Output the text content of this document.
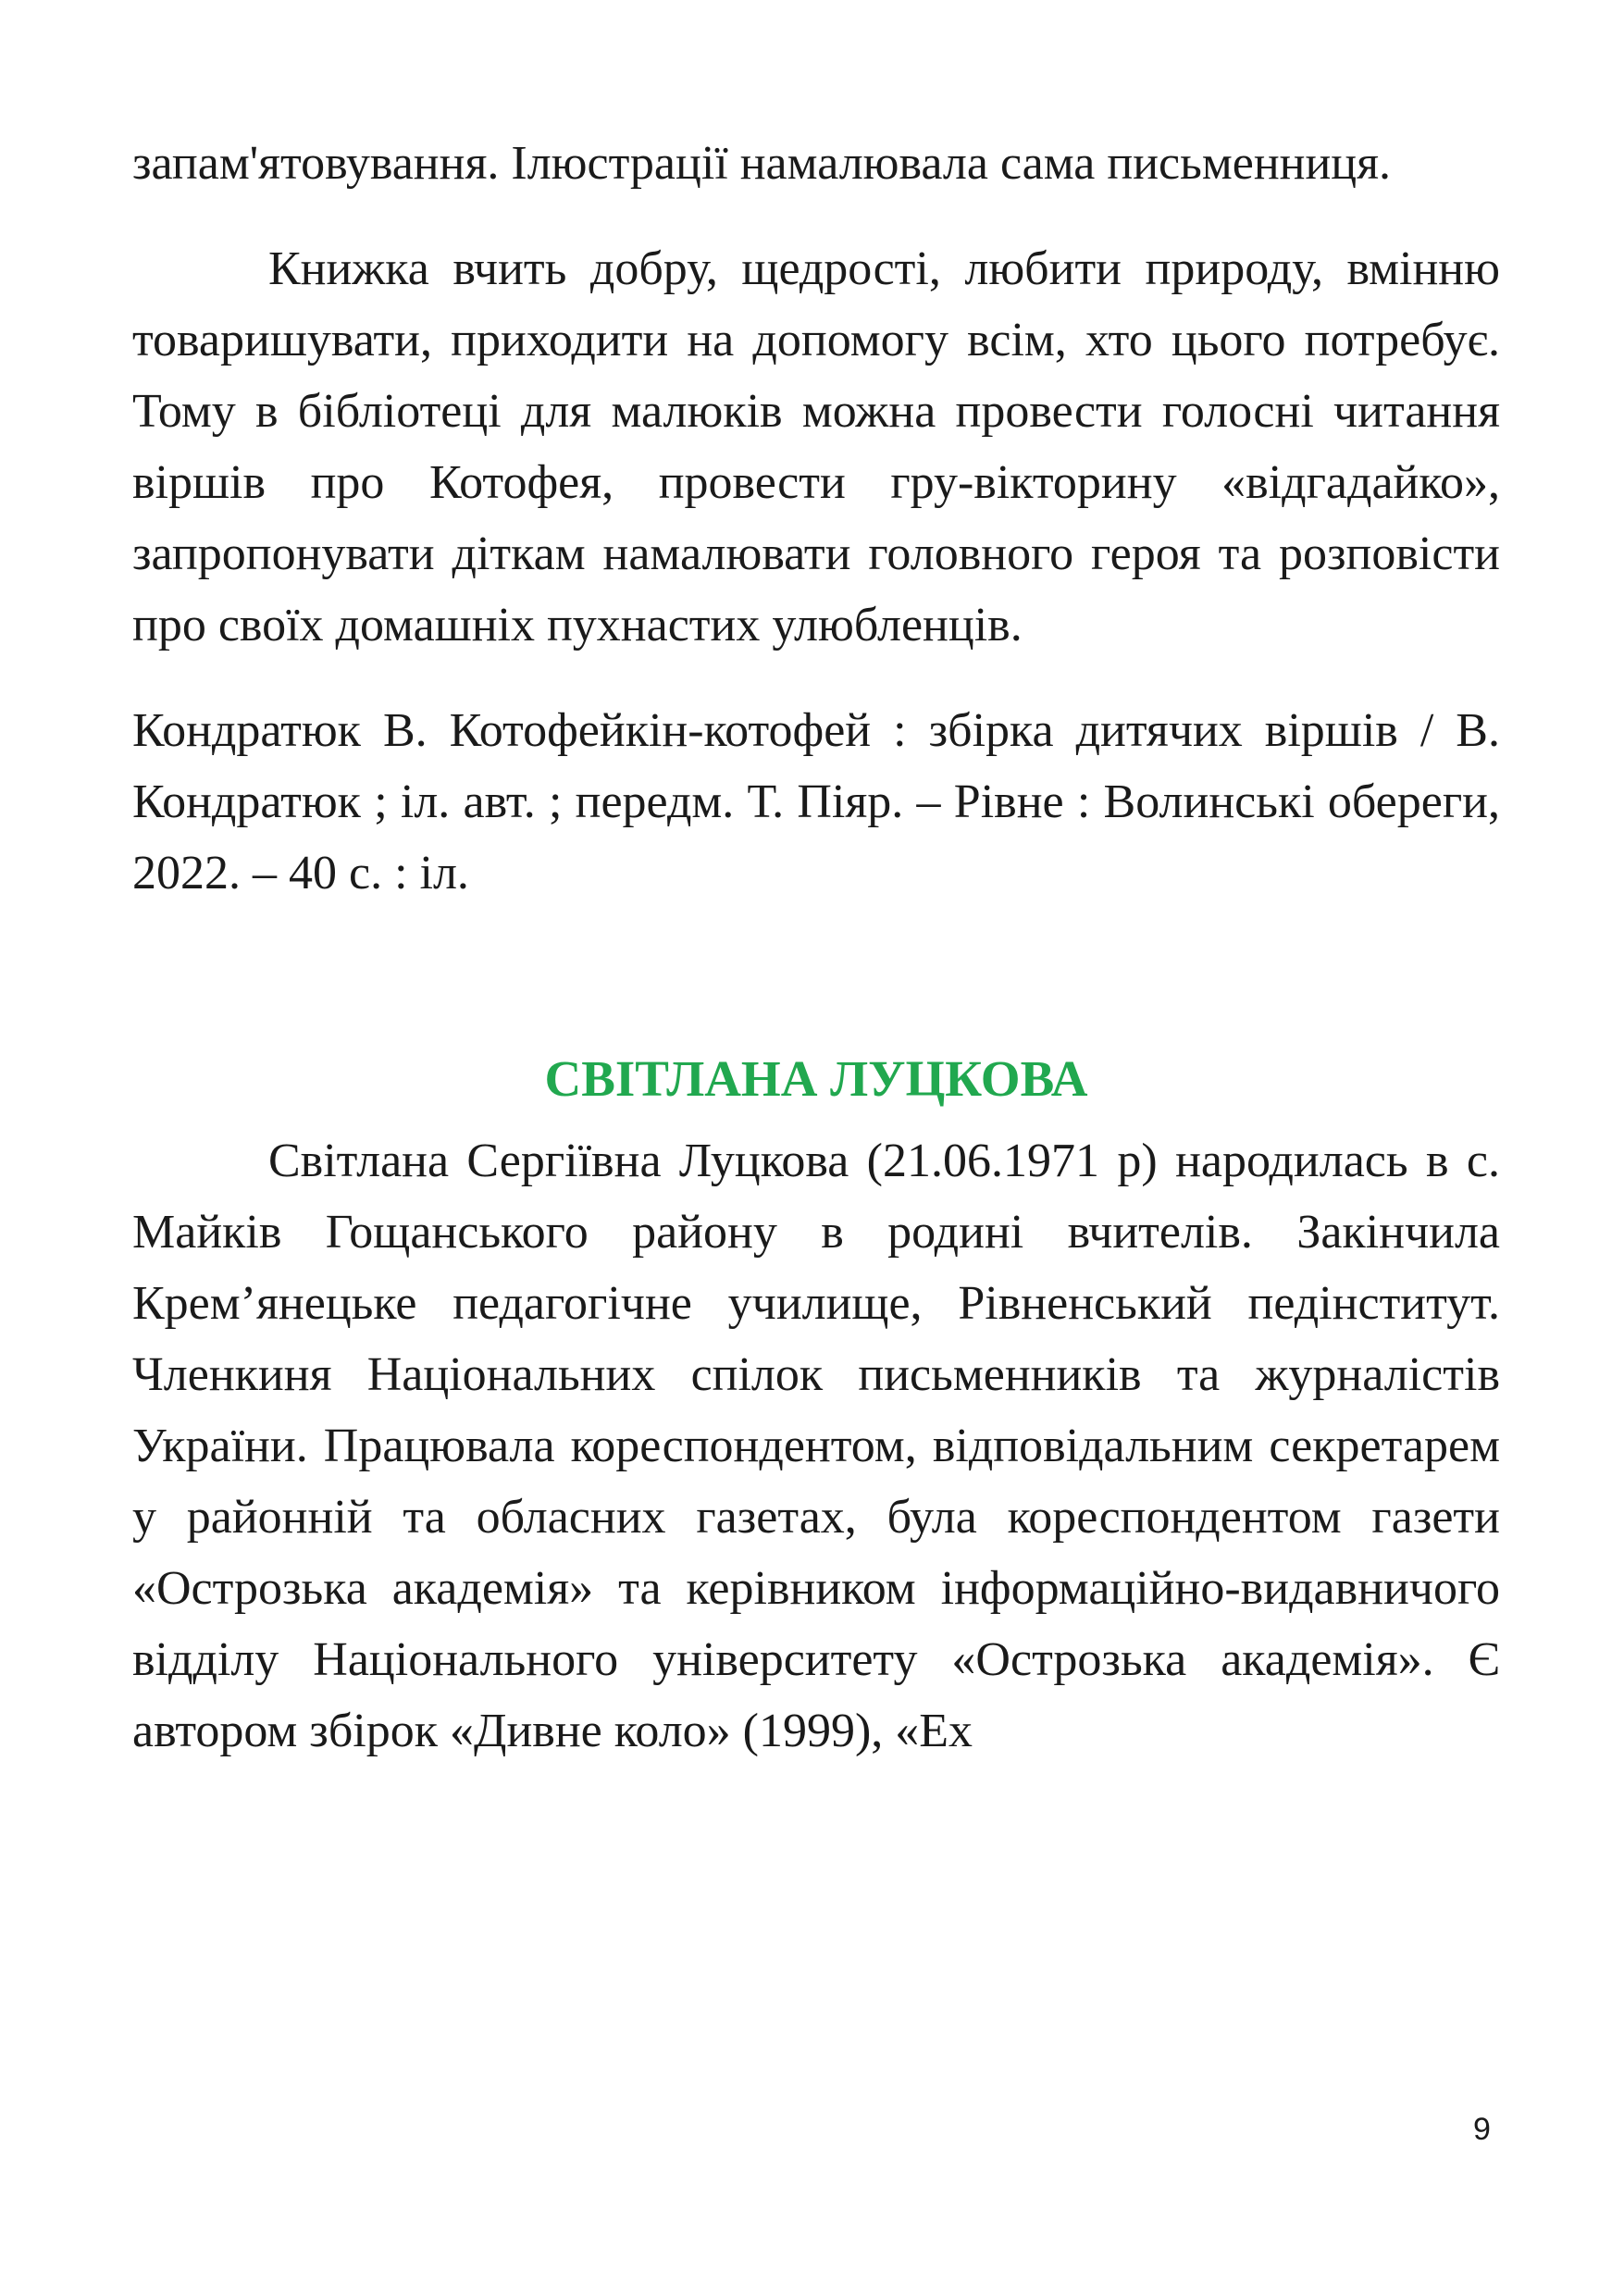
запам'ятовування. Ілюстрації намалювала сама письменниця.

Книжка вчить добру, щедрості, любити природу, вмінню товаришувати, приходити на допомогу всім, хто цього потребує. Тому в бібліотеці для малюків можна провести голосні читання віршів про Котофея, провести гру-вікторину «відгадайко», запропонувати діткам намалювати головного героя та розповісти про своїх домашніх пухнастих улюбленців.

Кондратюк В. Котофейкін-котофей : збірка дитячих віршів / В. Кондратюк ; іл. авт. ; передм. Т. Піяр. – Рівне : Волинські обереги, 2022. – 40 с. : іл.

СВІТЛАНА ЛУЦКОВА

Світлана Сергіївна Луцкова (21.06.1971 р) народилась в с. Майків Гощанського району в родині вчителів. Закінчила Крем’янецьке педагогічне училище, Рівненський педінститут. Членкиня Національних спілок письменників та журналістів України. Працювала кореспондентом, відповідальним секретарем у районній та обласних газетах, була кореспондентом газети «Острозька академія» та керівником інформаційно-видавничого відділу Національного університету «Острозька академія». Є автором збірок «Дивне коло» (1999), «Ех

9
